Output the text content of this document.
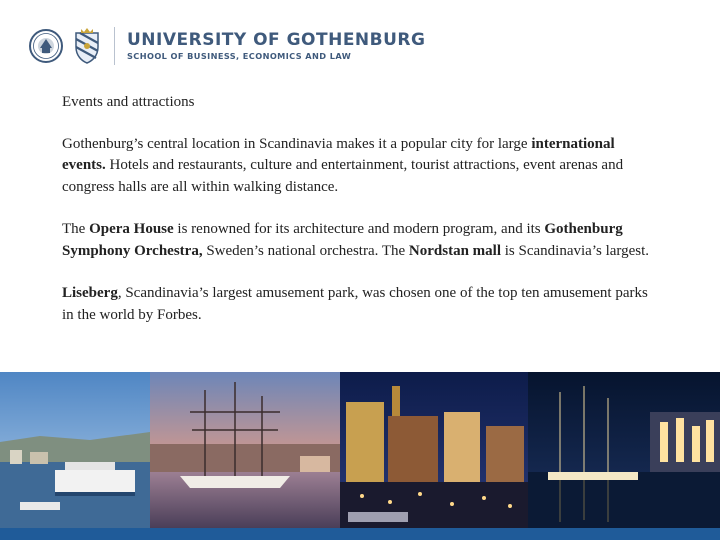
UNIVERSITY OF GOTHENBURG
SCHOOL OF BUSINESS, ECONOMICS AND LAW

Events and attractions

Gothenburg’s central location in Scandinavia makes it a popular city for large international events. Hotels and restaurants, culture and entertainment, tourist attractions, event arenas and congress halls are all within walking distance.

The Opera House is renowned for its architecture and modern program, and its Gothenburg Symphony Orchestra, Sweden’s national orchestra. The Nordstan mall is Scandinavia’s largest.

Liseberg, Scandinavia’s largest amusement park, was chosen one of the top ten amusement parks in the world by Forbes.
